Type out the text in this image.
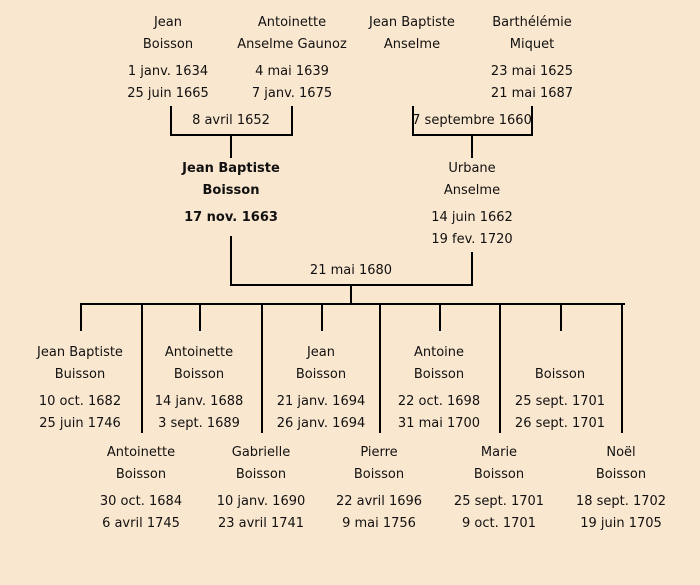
Jean
Boisson
1 janv. 1634
25 juin 1665
Antoinette
Anselme Gaunoz
4 mai 1639
7 janv. 1675
Jean Baptiste
Anselme
Barthélémie
Miquet
23 mai 1625
21 mai 1687
8 avril 1652	7 septembre 1660
Jean Baptiste
Boisson
17 nov. 1663
Urbane
Anselme
14 juin 1662
19 fev. 1720
21 mai 1680
Jean Baptiste
Buisson
10 oct. 1682
25 juin 1746
Antoinette
Boisson
14 janv. 1688
3 sept. 1689
Jean
Boisson
21 janv. 1694
26 janv. 1694
Antoine
Boisson
22 oct. 1698
31 mai 1700
Boisson
25 sept. 1701
26 sept. 1701
Antoinette
Boisson
30 oct. 1684
6 avril 1745
Gabrielle
Boisson
10 janv. 1690
23 avril 1741
Pierre
Boisson
22 avril 1696
9 mai 1756
Marie
Boisson
25 sept. 1701
9 oct. 1701
Noël
Boisson
18 sept. 1702
19 juin 1705
